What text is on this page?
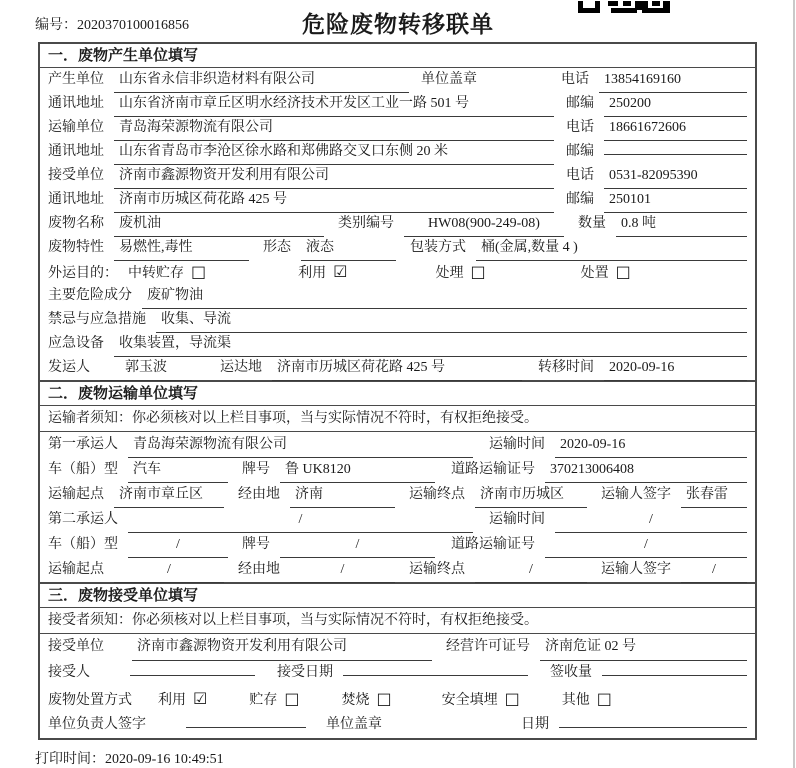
编号：2020370100016856	危险废物转移联单
一．废物产生单位填写
产生单位	山东省永信非织造材料有限公司	单位盖章	电话	13854169160
通讯地址	山东省济南市章丘区明水经济技术开发区工业一路 501 号	邮编	250200
运输单位	青岛海荣源物流有限公司	电话	18661672606
通讯地址	山东省青岛市李沧区徐水路和郑佛路交叉口东侧 20 米	邮编
接受单位	济南市鑫源物资开发利用有限公司	电话	0531-82095390
通讯地址	济南市历城区荷花路 425 号	邮编	250101
废物名称	废机油	类别编号	HW08(900-249-08)	数量	0.8 吨
废物特性	易燃性,毒性	形态	液态	包装方式	桶(金属,数量 4 )
外运目的： 中转贮存 □	利用 ☑	处理 □	处置 □
主要危险成分	废矿物油
禁忌与应急措施	收集、导流
应急设备	收集装置，导流渠
发运人	郭玉波	运达地	济南市历城区荷花路 425 号	转移时间	2020-09-16
二．废物运输单位填写
运输者须知： 你必须核对以上栏目事项，当与实际情况不符时，有权拒绝接受。
第一承运人	青岛海荣源物流有限公司	运输时间	2020-09-16
车（船）型	汽车	牌号	鲁 UK8120	道路运输证号	370213006408
运输起点	济南市章丘区	经由地	济南	运输终点	济南市历城区	运输人签字	张春雷
第二承运人	/	运输时间	/
车（船）型	/	牌号	/	道路运输证号	/
运输起点	/	经由地	/	运输终点	/	运输人签字	/
三．废物接受单位填写
接受者须知： 你必须核对以上栏目事项，当与实际情况不符时，有权拒绝接受。
接受单位	济南市鑫源物资开发利用有限公司	经营许可证号	济南危证 02 号
接受人	接受日期	签收量
废物处置方式 利用 ☑	贮存 □	焚烧 □	安全填埋 □	其他 □
单位负责人签字	单位盖章	日期
打印时间：2020-09-16 10:49:51
